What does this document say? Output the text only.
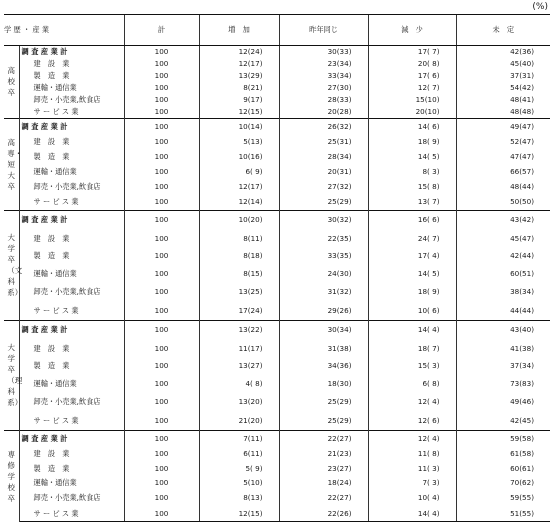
(%)
学 歴 ・ 産 業		計	増　加	昨年同じ	減　少	未　定

高校卒	調 査 産 業 計	100	12(24)	30(33)	17( 7)	42(36)
	建　設　業	100	12(17)	23(34)	20( 8)	45(40)
	製　造　業	100	13(29)	33(34)	17( 6)	37(31)
	運輸・通信業	100	8(21)	27(30)	12( 7)	54(42)
	卸売・小売業,飲食店	100	9(17)	28(33)	15(10)	48(41)
	サ ー ビ ス 業	100	12(15)	20(28)	20(10)	48(48)

高専・短大卒	調 査 産 業 計	100	10(14)	26(32)	14( 6)	49(47)
	建　設　業	100	5(13)	25(31)	18( 9)	52(47)
	製　造　業	100	10(16)	28(34)	14( 5)	47(47)
	運輸・通信業	100	6( 9)	20(31)	8( 3)	66(57)
	卸売・小売業,飲食店	100	12(17)	27(32)	15( 8)	48(44)
	サ ー ビ ス 業	100	12(14)	25(29)	13( 7)	50(50)

大学卒（文科系）	調 査 産 業 計	100	10(20)	30(32)	16( 6)	43(42)
	建　設　業	100	8(11)	22(35)	24( 7)	45(47)
	製　造　業	100	8(18)	33(35)	17( 4)	42(44)
	運輸・通信業	100	8(15)	24(30)	14( 5)	60(51)
	卸売・小売業,飲食店	100	13(25)	31(32)	18( 9)	38(34)
	サ ー ビ ス 業	100	17(24)	29(26)	10( 6)	44(44)

大学卒（理科系）	調 査 産 業 計	100	13(22)	30(34)	14( 4)	43(40)
	建　設　業	100	11(17)	31(38)	18( 7)	41(38)
	製　造　業	100	13(27)	34(36)	15( 3)	37(34)
	運輸・通信業	100	4( 8)	18(30)	6( 8)	73(83)
	卸売・小売業,飲食店	100	13(20)	25(29)	12( 4)	49(46)
	サ ー ビ ス 業	100	21(20)	25(29)	12( 6)	42(45)

専修学校卒	調 査 産 業 計	100	7(11)	22(27)	12( 4)	59(58)
	建　設　業	100	6(11)	21(23)	11( 8)	61(58)
	製　造　業	100	5( 9)	23(27)	11( 3)	60(61)
	運輸・通信業	100	5(10)	18(24)	7( 3)	70(62)
	卸売・小売業,飲食店	100	8(13)	22(27)	10( 4)	59(55)
	サ ー ビ ス 業	100	12(15)	22(26)	14( 4)	51(55)
